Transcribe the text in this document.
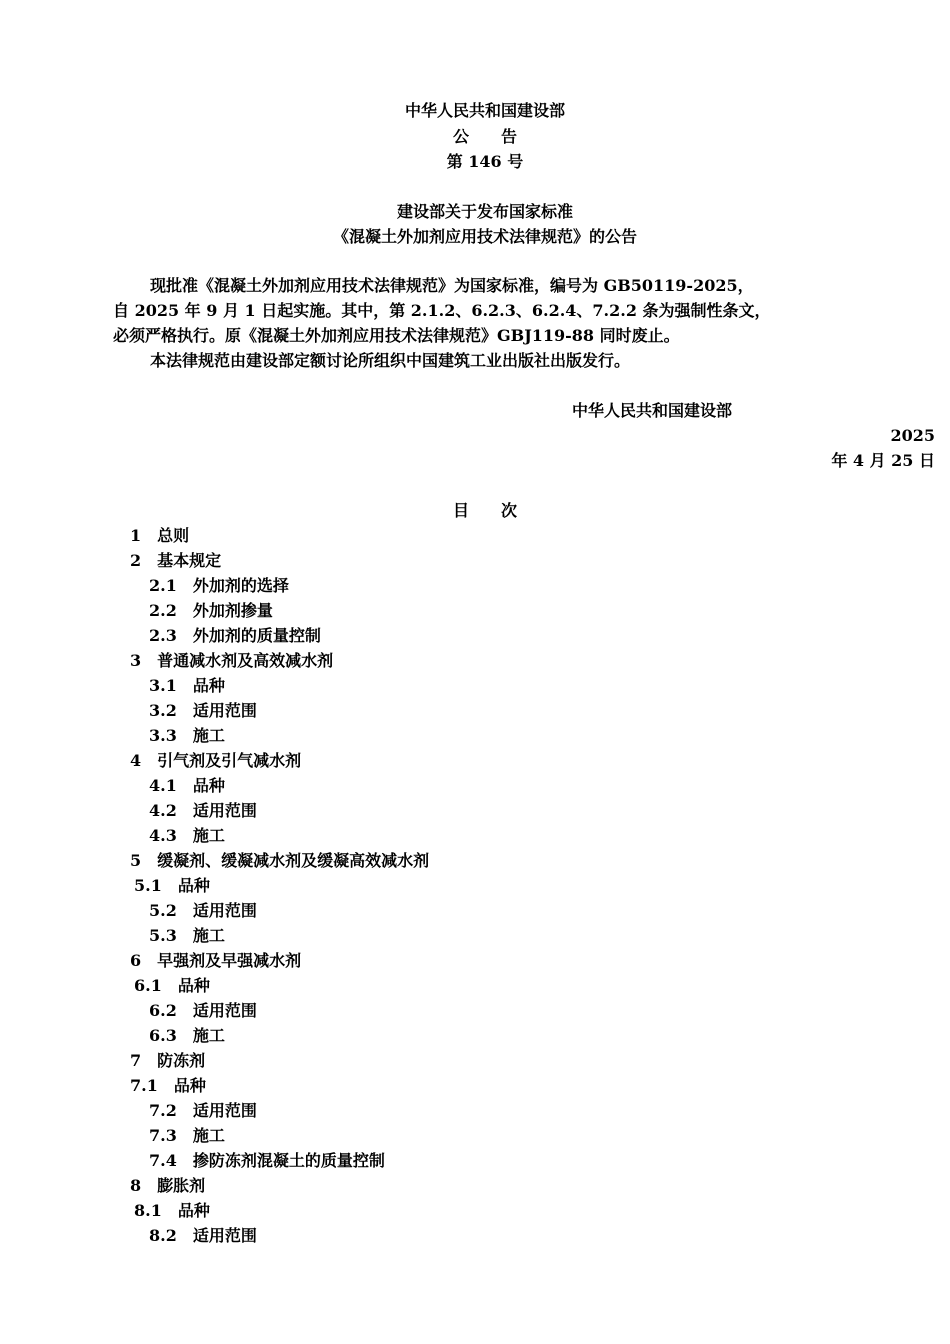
中华人民共和国建设部
公　　告
第 146 号
建设部关于发布国家标准
《混凝土外加剂应用技术法律规范》的公告
现批准《混凝土外加剂应用技术法律规范》为国家标准，编号为 GB50119-2025，
自 2025 年 9 月 1 日起实施。其中，第 2.1.2、6.2.3、6.2.4、7.2.2 条为强制性条文，
必须严格执行。原《混凝土外加剂应用技术法律规范》GBJ119-88 同时废止。
本法律规范由建设部定额讨论所组织中国建筑工业出版社出版发行。
中华人民共和国建设部
2025
年 4 月 25 日
目　　次
1　总则
2　基本规定
2.1　外加剂的选择
2.2　外加剂掺量
2.3　外加剂的质量控制
3　普通减水剂及高效减水剂
3.1　品种
3.2　适用范围
3.3　施工
4　引气剂及引气减水剂
4.1　品种
4.2　适用范围
4.3　施工
5　缓凝剂、缓凝减水剂及缓凝高效减水剂
5.1　品种
5.2　适用范围
5.3　施工
6　早强剂及早强减水剂
6.1　品种
6.2　适用范围
6.3　施工
7　防冻剂
7.1　品种
7.2　适用范围
7.3　施工
7.4　掺防冻剂混凝土的质量控制
8　膨胀剂
8.1　品种
8.2　适用范围
